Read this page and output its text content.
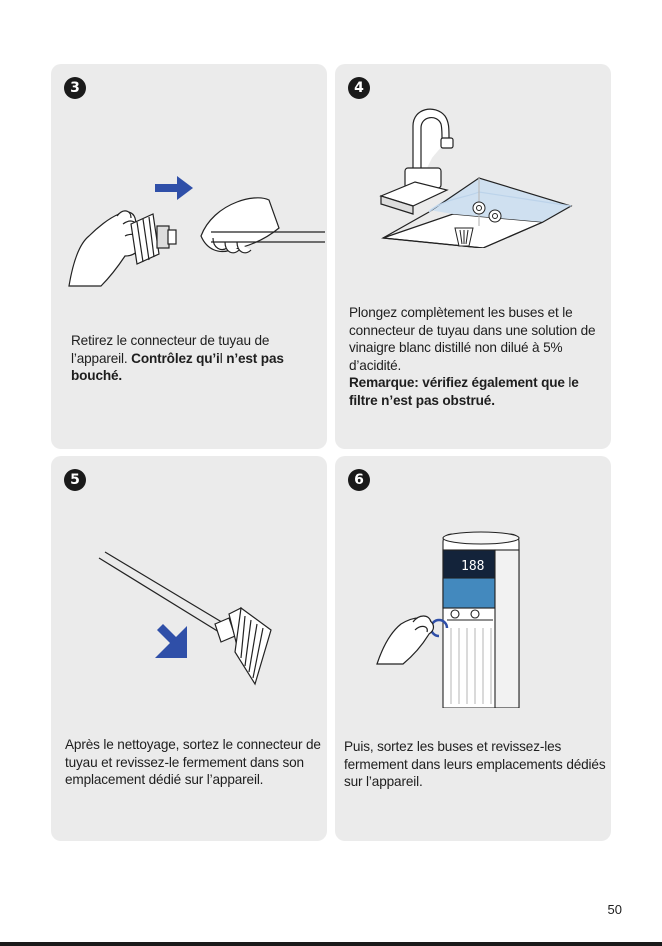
3
Retirez le connecteur de tuyau de l’appareil. Contrôlez qu’il n’est pas bouché.
4
Plongez complètement les buses et le connecteur de tuyau dans une solution de vinaigre blanc distillé non dilué à 5% d’acidité.
Remarque: vérifiez également que le filtre n’est pas obstrué.
5
Après le nettoyage, sortez le connecteur de tuyau et revissez-le fermement dans son emplacement dédié sur l’appareil.
6
188
Puis, sortez les buses et revissez-les fermement dans leurs emplacements dédiés sur l’appareil.
50
